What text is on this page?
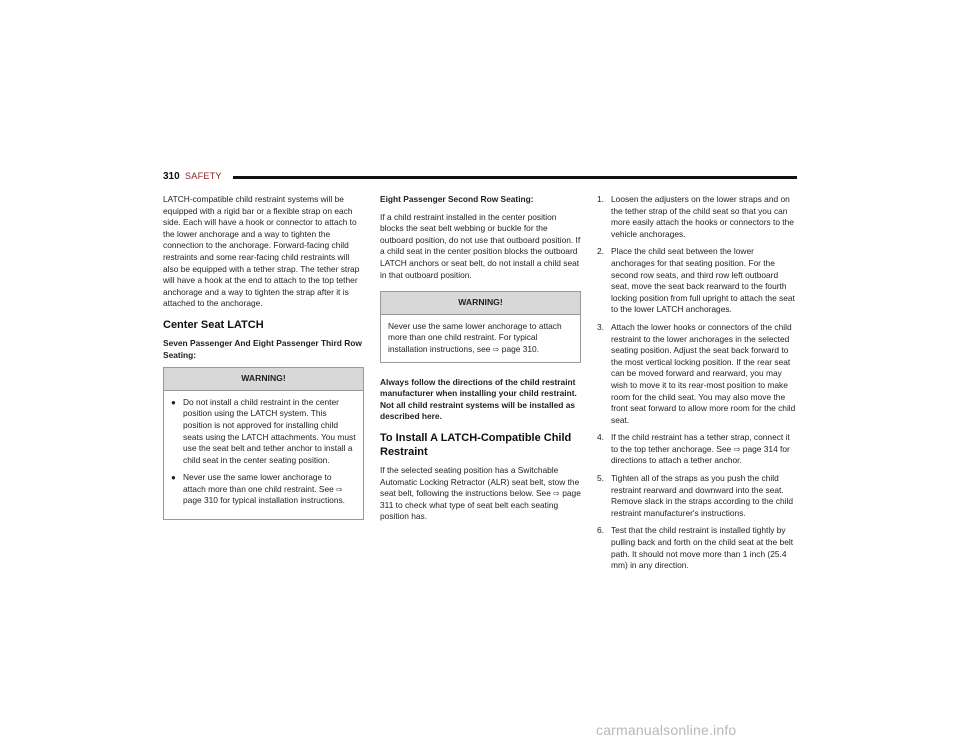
310 SAFETY

LATCH-compatible child restraint systems will be equipped with a rigid bar or a flexible strap on each side. Each will have a hook or connector to attach to the lower anchorage and a way to tighten the connection to the anchorage. Forward-facing child restraints and some rear-facing child restraints will also be equipped with a tether strap. The tether strap will have a hook at the end to attach to the top tether anchorage and a way to tighten the strap after it is attached to the anchorage.

Center Seat LATCH
Seven Passenger And Eight Passenger Third Row Seating:
WARNING!
● Do not install a child restraint in the center position using the LATCH system. This position is not approved for installing child seats using the LATCH attachments. You must use the seat belt and tether anchor to install a child seat in the center seating position.
● Never use the same lower anchorage to attach more than one child restraint. See ⇨ page 310 for typical installation instructions.
Eight Passenger Second Row Seating:

If a child restraint installed in the center position blocks the seat belt webbing or buckle for the outboard position, do not use that outboard position. If a child seat in the center position blocks the outboard LATCH anchors or seat belt, do not install a child seat in that outboard position.

WARNING!
Never use the same lower anchorage to attach more than one child restraint. For typical installation instructions, see ⇨ page 310.

Always follow the directions of the child restraint manufacturer when installing your child restraint. Not all child restraint systems will be installed as described here.

To Install A LATCH-Compatible Child Restraint

If the selected seating position has a Switchable Automatic Locking Retractor (ALR) seat belt, stow the seat belt, following the instructions below. See ⇨ page 311 to check what type of seat belt each seating position has.

1. Loosen the adjusters on the lower straps and on the tether strap of the child seat so that you can more easily attach the hooks or connectors to the vehicle anchorages.
2. Place the child seat between the lower anchorages for that seating position. For the second row seats, and third row left outboard seat, move the seat back rearward to the fourth locking position from full upright to attach the seat to the lower LATCH anchorages.
3. Attach the lower hooks or connectors of the child restraint to the lower anchorages in the selected seating position. Adjust the seat back forward to the most vertical locking position. If the rear seat can be moved forward and rearward, you may wish to move it to its rear-most position to make room for the child seat. You may also move the front seat forward to allow more room for the child seat.
4. If the child restraint has a tether strap, connect it to the top tether anchorage. See ⇨ page 314 for directions to attach a tether anchor.
5. Tighten all of the straps as you push the child restraint rearward and downward into the seat. Remove slack in the straps according to the child restraint manufacturer's instructions.
6. Test that the child restraint is installed tightly by pulling back and forth on the child seat at the belt path. It should not move more than 1 inch (25.4 mm) in any direction.
carmanualsonline.info
